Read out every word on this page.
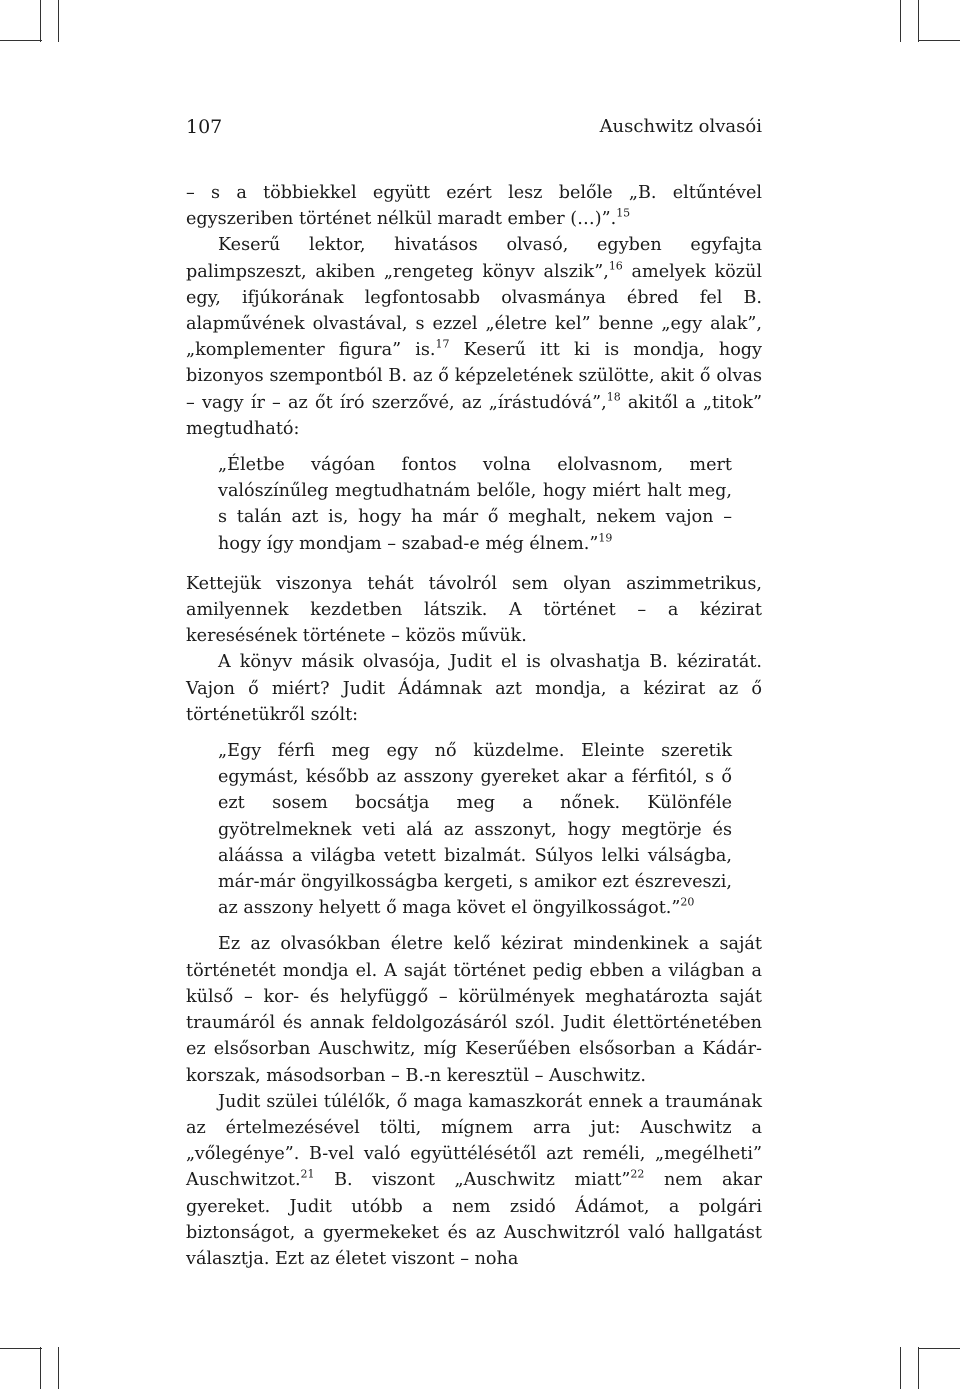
107	Auschwitz olvasói

– s a többiekkel együtt ezért lesz belőle „B. eltűntével egyszeriben történet nélkül maradt ember (…)”.$^{15}$

Keserű lektor, hivatásos olvasó, egyben egyfajta palimpszeszt, akiben „rengeteg könyv alszik”,$^{16}$ amelyek közül egy, ifjúkorának legfontosabb olvasmánya ébred fel B. alapművének olvastával, s ezzel „életre kel” benne „egy alak”, „komplementer figura” is.$^{17}$ Keserű itt ki is mondja, hogy bizonyos szempontból B. az ő képzeletének szülötte, akit ő olvas – vagy ír – az őt író szerzővé, az „írástudóvá”,$^{18}$ akitől a „titok” megtudható:

„Életbe vágóan fontos volna elolvasnom, mert valószínűleg megtudhatnám belőle, hogy miért halt meg, s talán azt is, hogy ha már ő meghalt, nekem vajon – hogy így mondjam – szabad-e még élnem.”$^{19}$

Kettejük viszonya tehát távolról sem olyan aszimmetrikus, amilyennek kezdetben látszik. A történet – a kézirat keresésének története – közös művük.

A könyv másik olvasója, Judit el is olvashatja B. kéziratát. Vajon ő miért? Judit Ádámnak azt mondja, a kézirat az ő történetükről szólt:

„Egy férfi meg egy nő küzdelme. Eleinte szeretik egymást, később az asszony gyereket akar a férfitól, s ő ezt sosem bocsátja meg a nőnek. Különféle gyötrelmeknek veti alá az asszonyt, hogy megtörje és aláássa a világba vetett bizalmát. Súlyos lelki válságba, már-már öngyilkosságba kergeti, s amikor ezt észreveszi, az asszony helyett ő maga követ el öngyilkosságot.”$^{20}$

Ez az olvasókban életre kelő kézirat mindenkinek a saját történetét mondja el. A saját történet pedig ebben a világban a külső – kor- és helyfüggő – körülmények meghatározta saját traumáról és annak feldolgozásáról szól. Judit élettörténetében ez elsősorban Auschwitz, míg Keserűében elsősorban a Kádár-korszak, másodsorban – B.-n keresztül – Auschwitz.

Judit szülei túlélők, ő maga kamaszkorát ennek a traumának az értelmezésével tölti, mígnem arra jut: Auschwitz a „vőlegénye”. B-vel való együttélésétől azt reméli, „megélheti” Auschwitzot.$^{21}$ B. viszont „Auschwitz miatt”$^{22}$ nem akar gyereket. Judit utóbb a nem zsidó Ádámot, a polgári biztonságot, a gyermekeket és az Auschwitzról való hallgatást választja. Ezt az életet viszont – noha
